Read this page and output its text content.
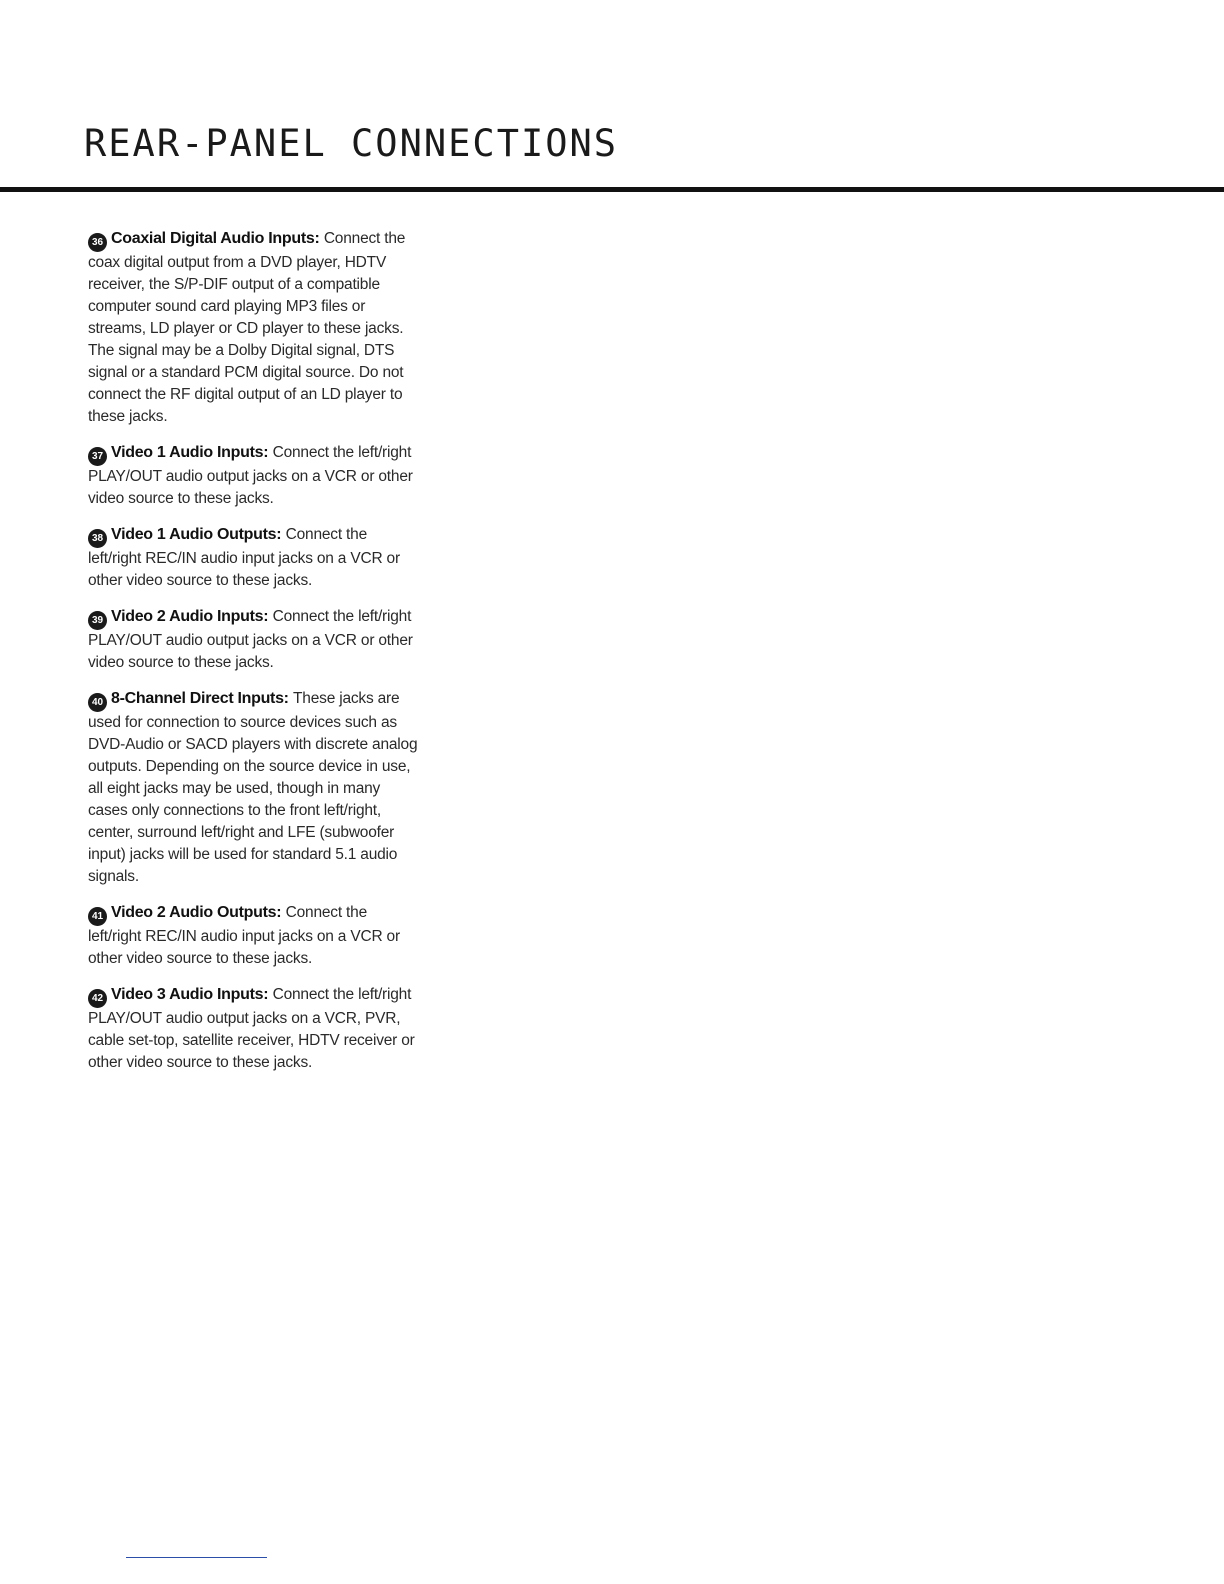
REAR-PANEL CONNECTIONS

36 Coaxial Digital Audio Inputs: Connect the coax digital output from a DVD player, HDTV receiver, the S/P-DIF output of a compatible computer sound card playing MP3 files or streams, LD player or CD player to these jacks. The signal may be a Dolby Digital signal, DTS signal or a standard PCM digital source. Do not connect the RF digital output of an LD player to these jacks.

37 Video 1 Audio Inputs: Connect the left/right PLAY/OUT audio output jacks on a VCR or other video source to these jacks.

38 Video 1 Audio Outputs: Connect the left/right REC/IN audio input jacks on a VCR or other video source to these jacks.

39 Video 2 Audio Inputs: Connect the left/right PLAY/OUT audio output jacks on a VCR or other video source to these jacks.

40 8-Channel Direct Inputs: These jacks are used for connection to source devices such as DVD-Audio or SACD players with discrete analog outputs. Depending on the source device in use, all eight jacks may be used, though in many cases only connections to the front left/right, center, surround left/right and LFE (subwoofer input) jacks will be used for standard 5.1 audio signals.

41 Video 2 Audio Outputs: Connect the left/right REC/IN audio input jacks on a VCR or other video source to these jacks.

42 Video 3 Audio Inputs: Connect the left/right PLAY/OUT audio output jacks on a VCR, PVR, cable set-top, satellite receiver, HDTV receiver or other video source to these jacks.
